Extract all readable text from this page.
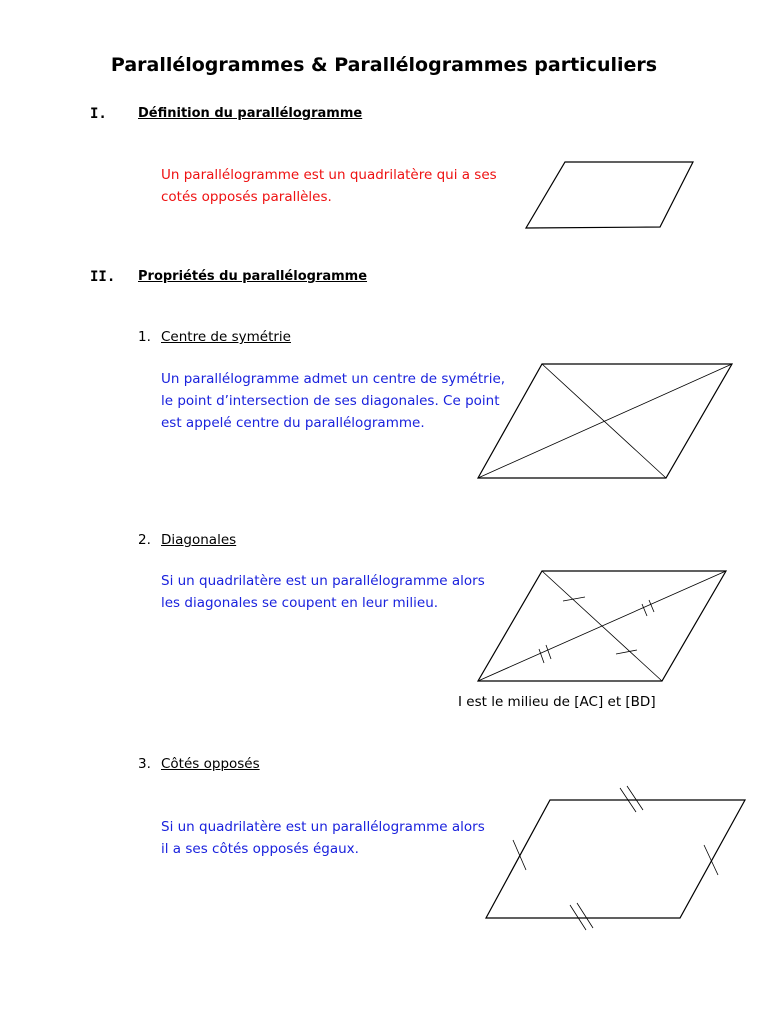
Parallélogrammes & Parallélogrammes particuliers
I. Définition du parallélogramme
Un parallélogramme est un quadrilatère qui a ses
cotés opposés parallèles.
II. Propriétés du parallélogramme
1. Centre de symétrie
Un parallélogramme admet un centre de symétrie,
le point d’intersection de ses diagonales. Ce point
est appelé centre du parallélogramme.
2. Diagonales
Si un quadrilatère est un parallélogramme alors
les diagonales se coupent en leur milieu.
I est le milieu de [AC] et [BD]
3. Côtés opposés
Si un quadrilatère est un parallélogramme alors
il a ses côtés opposés égaux.
